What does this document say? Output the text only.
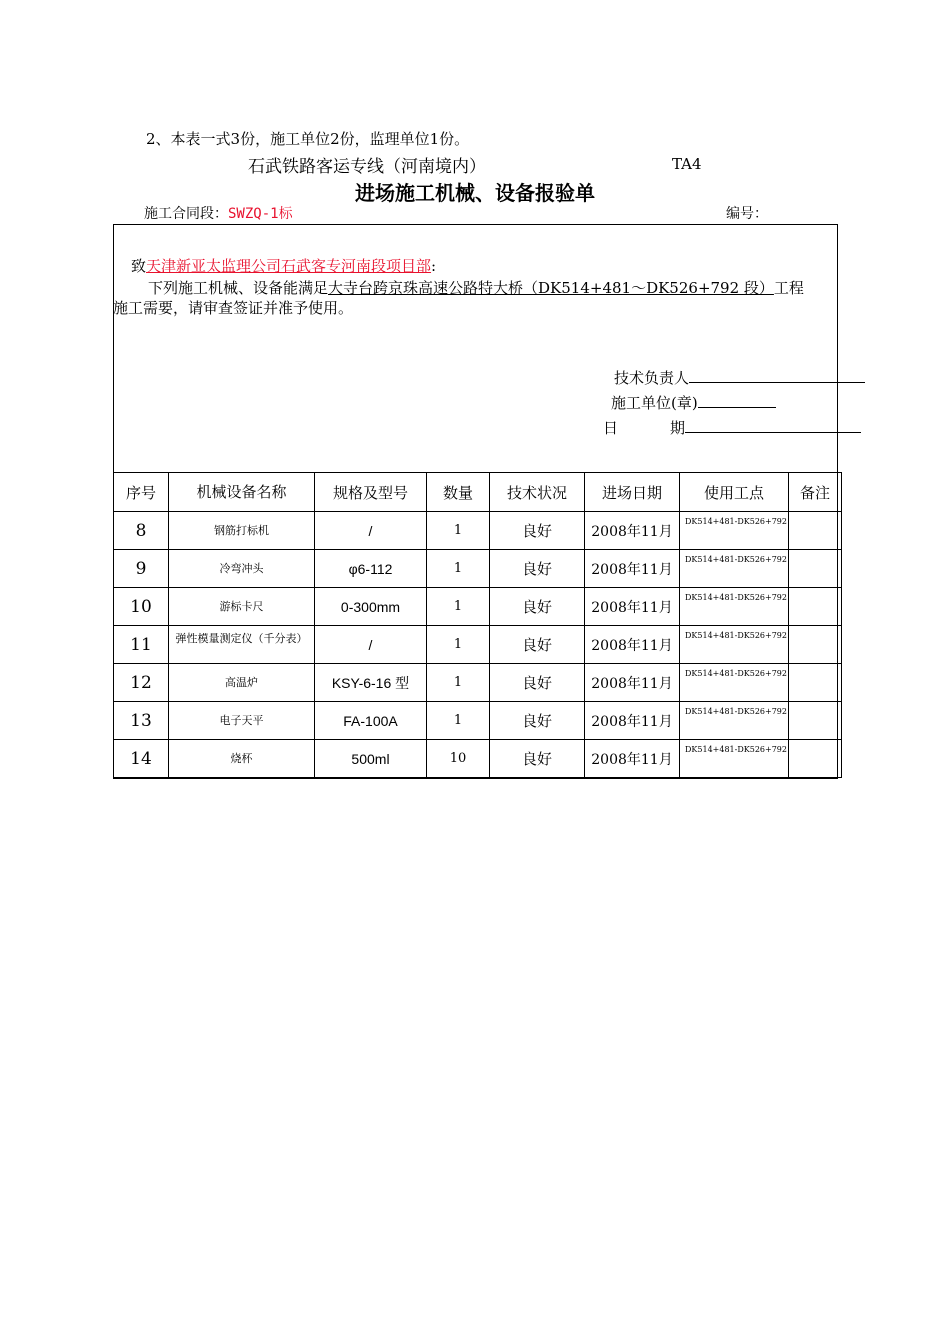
2、本表一式3份，施工单位2份，监理单位1份。
石武铁路客运专线（河南境内）	TA4
进场施工机械、设备报验单
施工合同段：SWZQ-1标	编号：
致天津新亚太监理公司石武客专河南段项目部:
下列施工机械、设备能满足大寺台跨京珠高速公路特大桥（DK514+481～DK526+792 段）工程
施工需要，请审查签证并准予使用。
技术负责人
施工单位(章)
日	期
序号	机械设备名称	规格及型号	数量	技术状况	进场日期	使用工点	备注
8	钢筋打标机	/	1	良好	2008年11月	DK514+481-DK526+792	

9	冷弯冲头	φ6-112	1	良好	2008年11月	DK514+481-DK526+792	

10	游标卡尺	0-300mm	1	良好	2008年11月	DK514+481-DK526+792	

11	弹性模量测定仪（千分表）	/	1	良好	2008年11月	DK514+481-DK526+792	

12	高温炉	KSY-6-16 型	1	良好	2008年11月	DK514+481-DK526+792	

13	电子天平	FA-100A	1	良好	2008年11月	DK514+481-DK526+792	

14	烧杯	500ml	10	良好	2008年11月	DK514+481-DK526+792	
